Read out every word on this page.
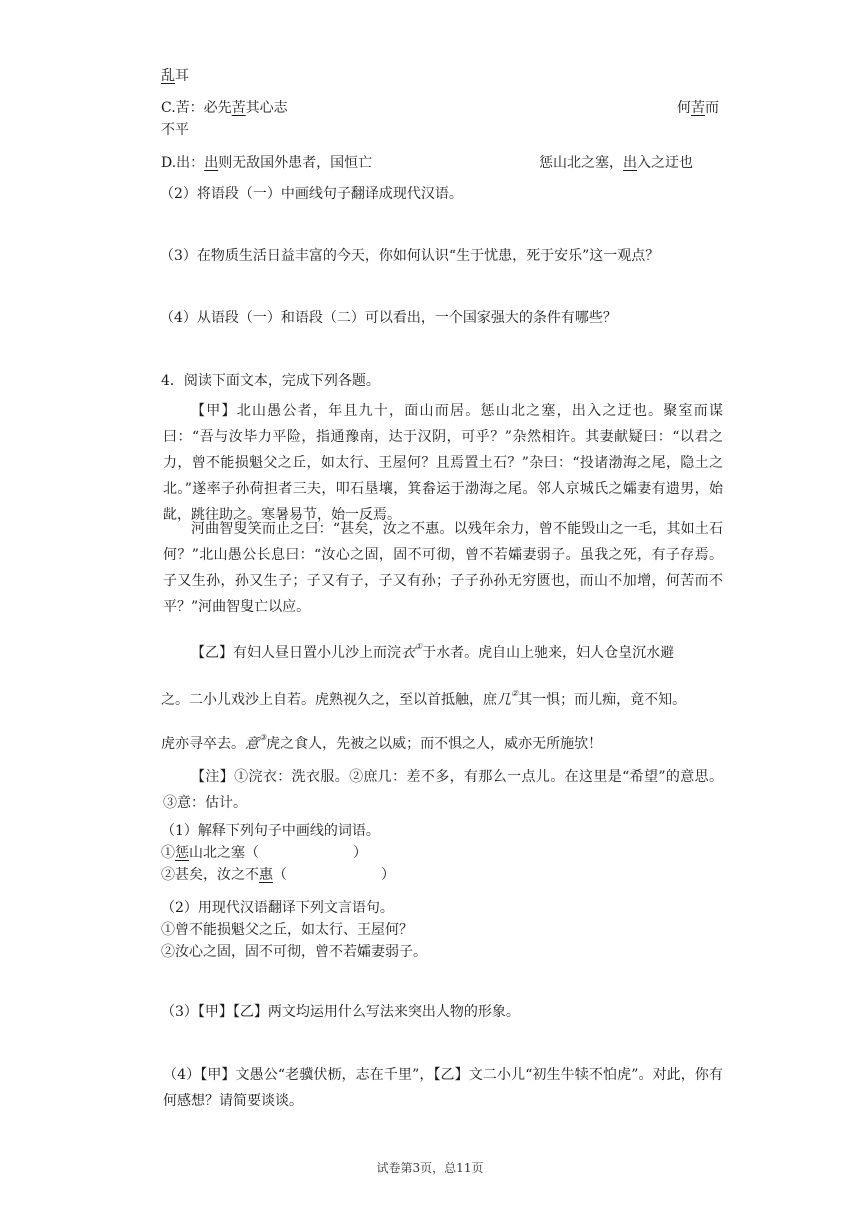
乱耳
C.苦：必先苦其心志	何苦而
不平
D.出：出则无敌国外患者，国恒亡	惩山北之塞，出入之迂也
（2）将语段（一）中画线句子翻译成现代汉语。
（3）在物质生活日益丰富的今天，你如何认识“生于忧患，死于安乐”这一观点？
（4）从语段（一）和语段（二）可以看出，一个国家强大的条件有哪些？
4．阅读下面文本，完成下列各题。
【甲】北山愚公者，年且九十，面山而居。惩山北之塞，出入之迂也。聚室而谋曰：“吾与汝毕力平险，指通豫南，达于汉阴，可乎？”杂然相许。其妻献疑曰：“以君之力，曾不能损魁父之丘，如太行、王屋何？且焉置土石？”杂曰：“投诸渤海之尾，隐土之北。”遂率子孙荷担者三夫，叩石垦壤，箕畚运于渤海之尾。邻人京城氏之孀妻有遗男，始龀，跳往助之。寒暑易节，始一反焉。
河曲智叟笑而止之曰：“甚矣，汝之不惠。以残年余力，曾不能毁山之一毛，其如土石何？”北山愚公长息曰：“汝心之固，固不可彻，曾不若孀妻弱子。虽我之死，有子存焉。子又生孙，孙又生子；子又有子，子又有孙；子子孙孙无穷匮也，而山不加增，何苦而不平？”河曲智叟亡以应。
【乙】有妇人昼日置小儿沙上而浣衣①于水者。虎自山上驰来，妇人仓皇沉水避
之。二小儿戏沙上自若。虎熟视久之，至以首抵触，庶几②其一惧；而儿痴，竟不知。
虎亦寻卒去。意③虎之食人，先被之以威；而不惧之人，威亦无所施欤！
【注】①浣衣：洗衣服。②庶几：差不多，有那么一点儿。在这里是“希望”的意思。③意：估计。
（1）解释下列句子中画线的词语。
①惩山北之塞（	）
②甚矣，汝之不惠（	）
（2）用现代汉语翻译下列文言语句。
①曾不能损魁父之丘，如太行、王屋何？
②汝心之固，固不可彻，曾不若孀妻弱子。
（3）【甲】【乙】两文均运用什么写法来突出人物的形象。
（4）【甲】文愚公“老骥伏枥，志在千里”，【乙】文二小儿“初生牛犊不怕虎”。对此，你有何感想？请简要谈谈。
试卷第3页，总11页
